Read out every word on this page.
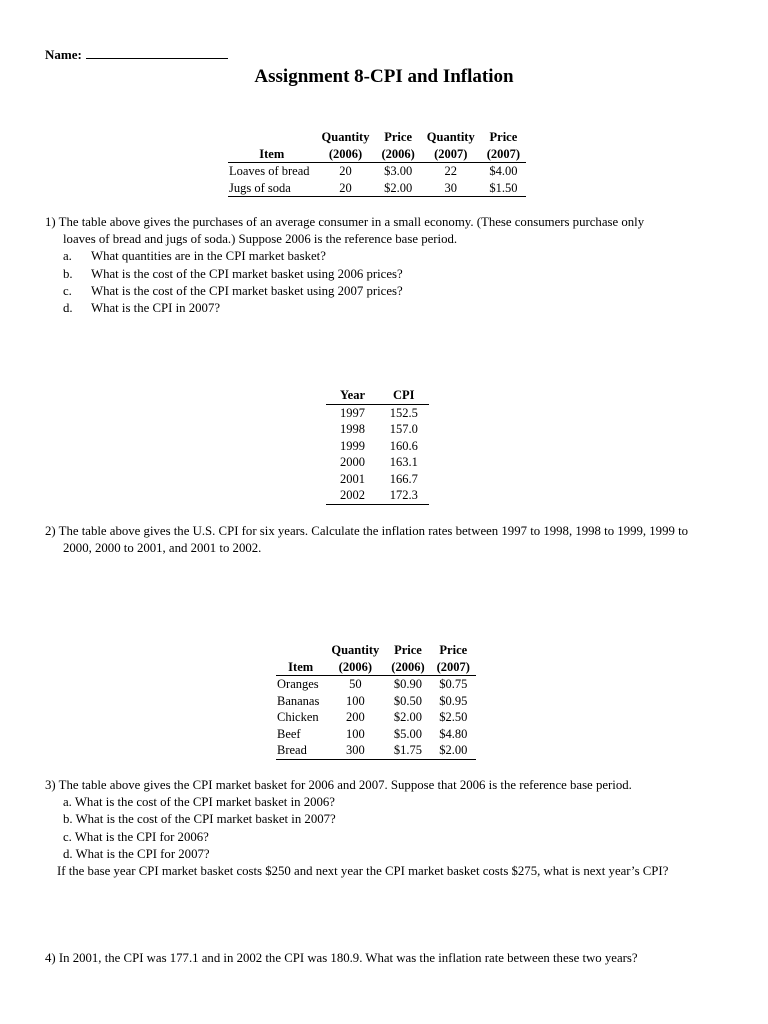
Name:
Assignment 8-CPI and Inflation
	Quantity	Price	Quantity	Price
Item	(2006)	(2006)	(2007)	(2007)
Loaves of bread	20	$3.00	22	$4.00
Jugs of soda	20	$2.00	30	$1.50
1) The table above gives the purchases of an average consumer in a small economy. (These consumers purchase only
loaves of bread and jugs of soda.) Suppose 2006 is the reference base period.
a.	What quantities are in the CPI market basket?
b.	What is the cost of the CPI market basket using 2006 prices?
c.	What is the cost of the CPI market basket using 2007 prices?
d.	What is the CPI in 2007?
Year	CPI
1997	152.5
1998	157.0
1999	160.6
2000	163.1
2001	166.7
2002	172.3
2) The table above gives the U.S. CPI for six years. Calculate the inflation rates between 1997 to 1998, 1998 to 1999, 1999 to
2000, 2000 to 2001, and 2001 to 2002.
	Quantity	Price	Price
Item	(2006)	(2006)	(2007)
Oranges	50	$0.90	$0.75
Bananas	100	$0.50	$0.95
Chicken	200	$2.00	$2.50
Beef	100	$5.00	$4.80
Bread	300	$1.75	$2.00
3) The table above gives the CPI market basket for 2006 and 2007. Suppose that 2006 is the reference base period.
a. What is the cost of the CPI market basket in 2006?
b. What is the cost of the CPI market basket in 2007?
c. What is the CPI for 2006?
d. What is the CPI for 2007?
If the base year CPI market basket costs $250 and next year the CPI market basket costs $275, what is next year’s CPI?
4) In 2001, the CPI was 177.1 and in 2002 the CPI was 180.9. What was the inflation rate between these two years?
